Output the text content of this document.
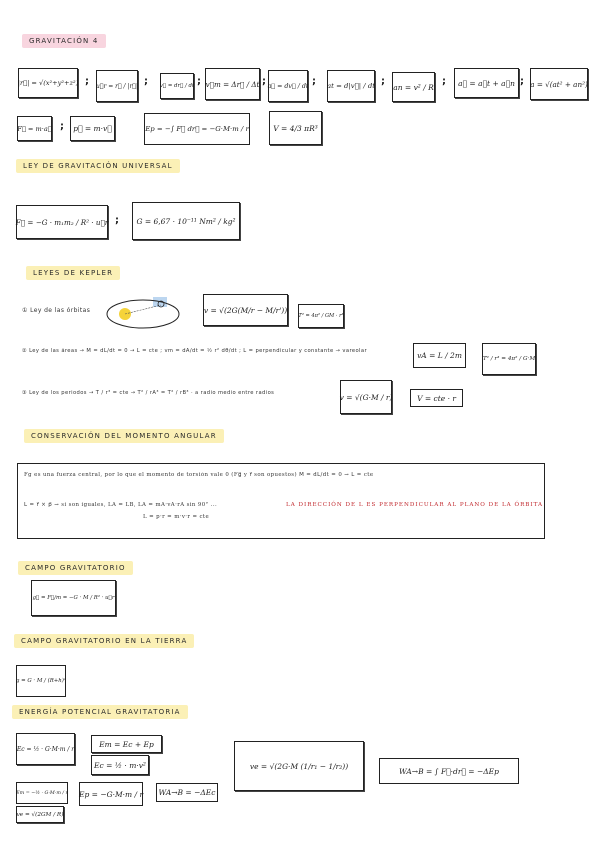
GRAVITACIÓN 4
|r⃗| = √(x²+y²+z²) ; u⃗r = r⃗ / |r⃗| ; v⃗ = dr⃗ / dt ; v⃗m = Δr⃗ / Δt ; a⃗ = dv⃗ / dt ; at = d|v⃗| / dt ; an = v² / R ;	a⃗ = a⃗t + a⃗n ; a = √(at² + an²)
F⃗ = m·a⃗ ;	p⃗ = m·v⃗	Ep = −∫ F⃗ dr⃗ = −G·M·m / r	V = 4/3 πR³
LEY DE GRAVITACIÓN UNIVERSAL
F⃗ = −G · m₁m₂ / R² · u⃗r ;	G = 6,67 · 10⁻¹¹ Nm² / kg²
LEYES DE KEPLER
① Ley de las órbitas	v = √(2G(M/r − M/r'))
T² = 4π² / GM · r³
② Ley de las áreas → M⃗ = dL⃗/dt = 0 → L⃗ = cte ; vm = dA/dt = ½ r² dθ/dt ; L = perpendicular y constante → vareolar	vA = L / 2m	T² / r³ = 4π² / G·M
③ Ley de los periodos → T / r³ = cte → T² / rA³ = T² / rB³ · a radio medio entre radios	v = √(G·M / r)	V = cte · r
CONSERVACIÓN DEL MOMENTO ANGULAR
Fg es una fuerza central, por lo que el momento de torsión vale 0 (Fg⃗ y r⃗ son opuestos) M⃗ = dL⃗/dt = 0 → L⃗ = cte
L⃗ = r⃗ × p⃗ → si son iguales, LA = LB, LA = mA·vA·rA sin 90° ...
L = p·r = m·v·r = cte
LA DIRECCIÓN DE L ES PERPENDICULAR AL PLANO DE LA ÓRBITA
CAMPO GRAVITATORIO
g⃗ = F⃗/m = −G · M / R² · u⃗r
CAMPO GRAVITATORIO EN LA TIERRA
g = G · M / (R+h)²
ENERGÍA POTENCIAL GRAVITATORIA
Ec = ½ · G·M·m / r
Em = Ec + Ep
Ec = ½ · m·v²	ve = √(2G·M (1/r₁ − 1/r₂))
WA→B = ∫ F⃗·dr⃗ = −ΔEp
Em = −½ · G·M·m / r Ep = −G·M·m / r	WA→B = −ΔEc
ve = √(2GM / R)
